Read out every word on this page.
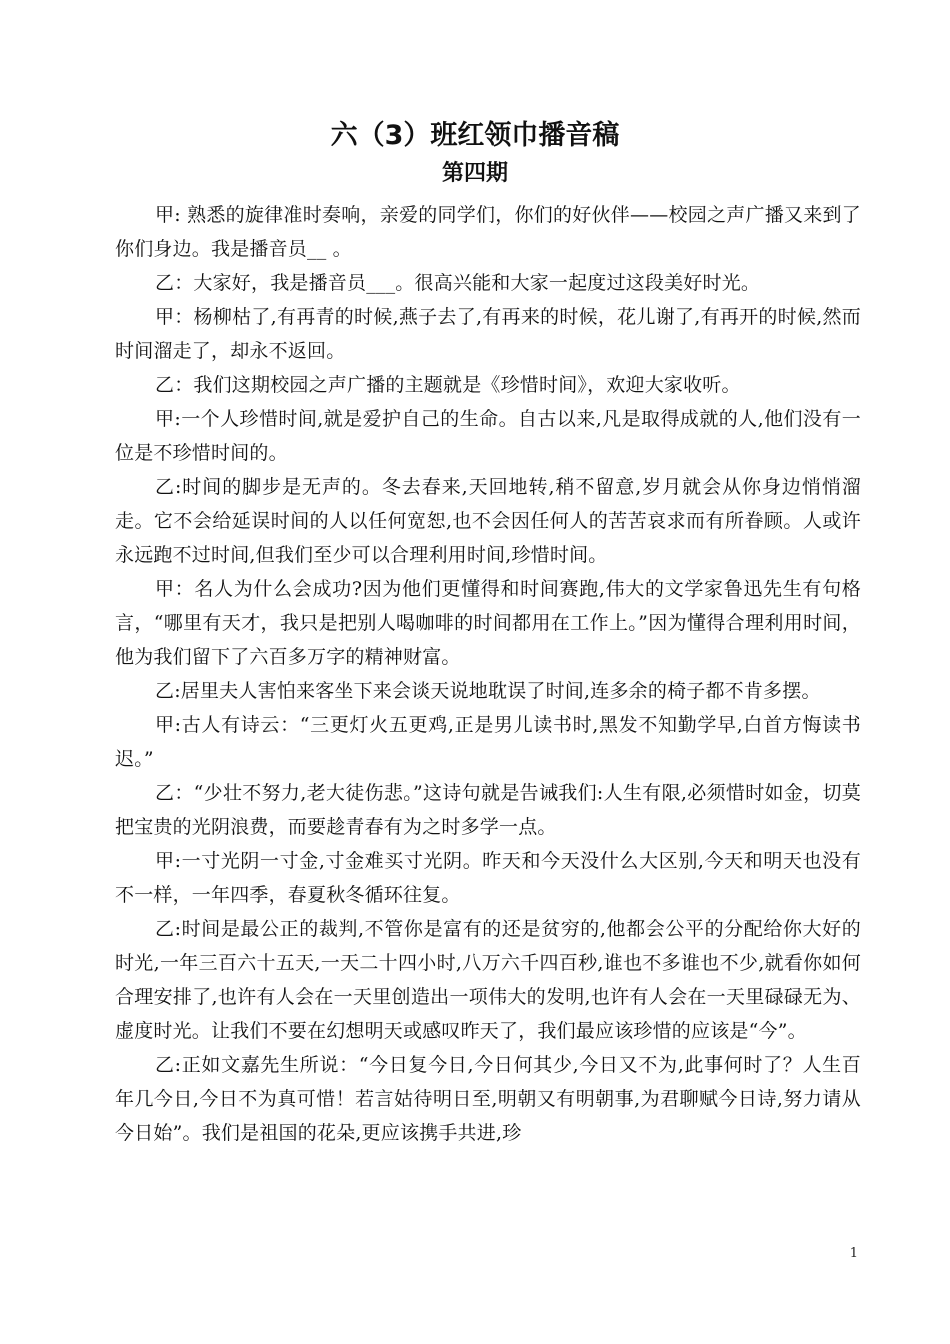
六（3）班红领巾播音稿
第四期

甲: 熟悉的旋律准时奏响，亲爱的同学们，你们的好伙伴——校园之声广播又来到了你们身边。我是播音员__ 。

乙：大家好，我是播音员___。很高兴能和大家一起度过这段美好时光。

甲：杨柳枯了,有再青的时候,燕子去了,有再来的时候，花儿谢了,有再开的时候,然而时间溜走了，却永不返回。

乙：我们这期校园之声广播的主题就是《珍惜时间》，欢迎大家收听。

甲:一个人珍惜时间,就是爱护自己的生命。自古以来,凡是取得成就的人,他们没有一位是不珍惜时间的。

乙:时间的脚步是无声的。冬去春来,天回地转,稍不留意,岁月就会从你身边悄悄溜走。它不会给延误时间的人以任何宽恕,也不会因任何人的苦苦哀求而有所眷顾。人或许永远跑不过时间,但我们至少可以合理利用时间,珍惜时间。

甲：名人为什么会成功?因为他们更懂得和时间赛跑,伟大的文学家鲁迅先生有句格言，“哪里有天才，我只是把别人喝咖啡的时间都用在工作上。”因为懂得合理利用时间，他为我们留下了六百多万字的精神财富。

乙:居里夫人害怕来客坐下来会谈天说地耽误了时间,连多余的椅子都不肯多摆。

甲:古人有诗云：“三更灯火五更鸡,正是男儿读书时,黑发不知勤学早,白首方悔读书迟。”

乙：“少壮不努力,老大徒伤悲。”这诗句就是告诫我们:人生有限,必须惜时如金，切莫把宝贵的光阴浪费，而要趁青春有为之时多学一点。

甲:一寸光阴一寸金,寸金难买寸光阴。昨天和今天没什么大区别,今天和明天也没有不一样，一年四季，春夏秋冬循环往复。

乙:时间是最公正的裁判,不管你是富有的还是贫穷的,他都会公平的分配给你大好的时光,一年三百六十五天,一天二十四小时,八万六千四百秒,谁也不多谁也不少,就看你如何合理安排了,也许有人会在一天里创造出一项伟大的发明,也许有人会在一天里碌碌无为、虚度时光。让我们不要在幻想明天或感叹昨天了，我们最应该珍惜的应该是“今”。

乙:正如文嘉先生所说：“今日复今日,今日何其少,今日又不为,此事何时了？人生百年几今日,今日不为真可惜！若言姑待明日至,明朝又有明朝事,为君聊赋今日诗,努力请从今日始”。我们是祖国的花朵,更应该携手共进,珍

1
